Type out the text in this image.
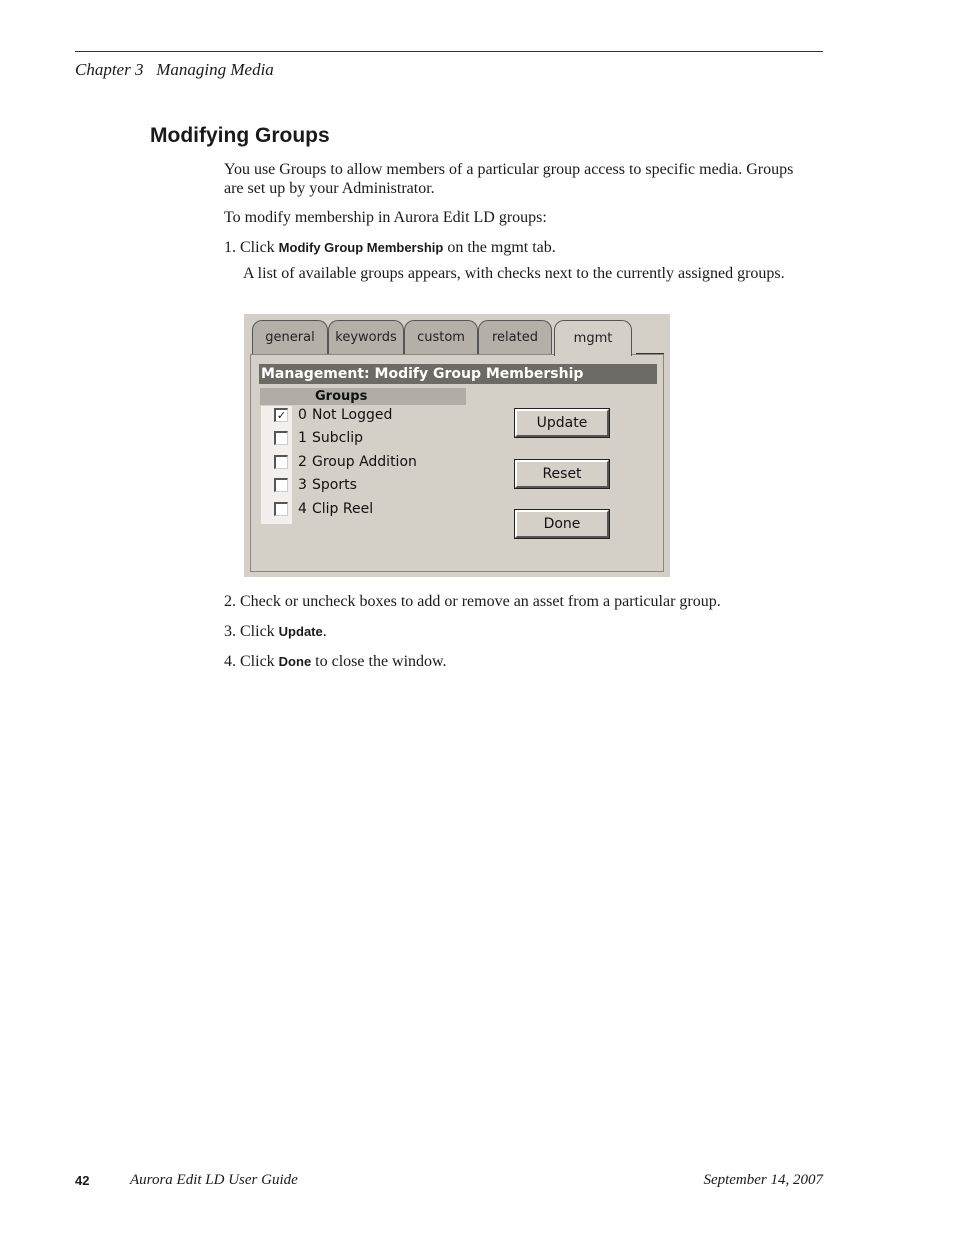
Chapter 3   Managing Media
Modifying Groups
You use Groups to allow members of a particular group access to specific media. Groups are set up by your Administrator.
To modify membership in Aurora Edit LD groups:
1. Click Modify Group Membership on the mgmt tab.
A list of available groups appears, with checks next to the currently assigned groups.
general	keywords	custom	related	mgmt
Management: Modify Group Membership
Groups
✓ 0 Not Logged
1 Subclip
2 Group Addition
3 Sports
4 Clip Reel
Update
Reset
Done
2. Check or uncheck boxes to add or remove an asset from a particular group.
3. Click Update.
4. Click Done to close the window.
42	Aurora Edit LD User Guide	September 14, 2007
